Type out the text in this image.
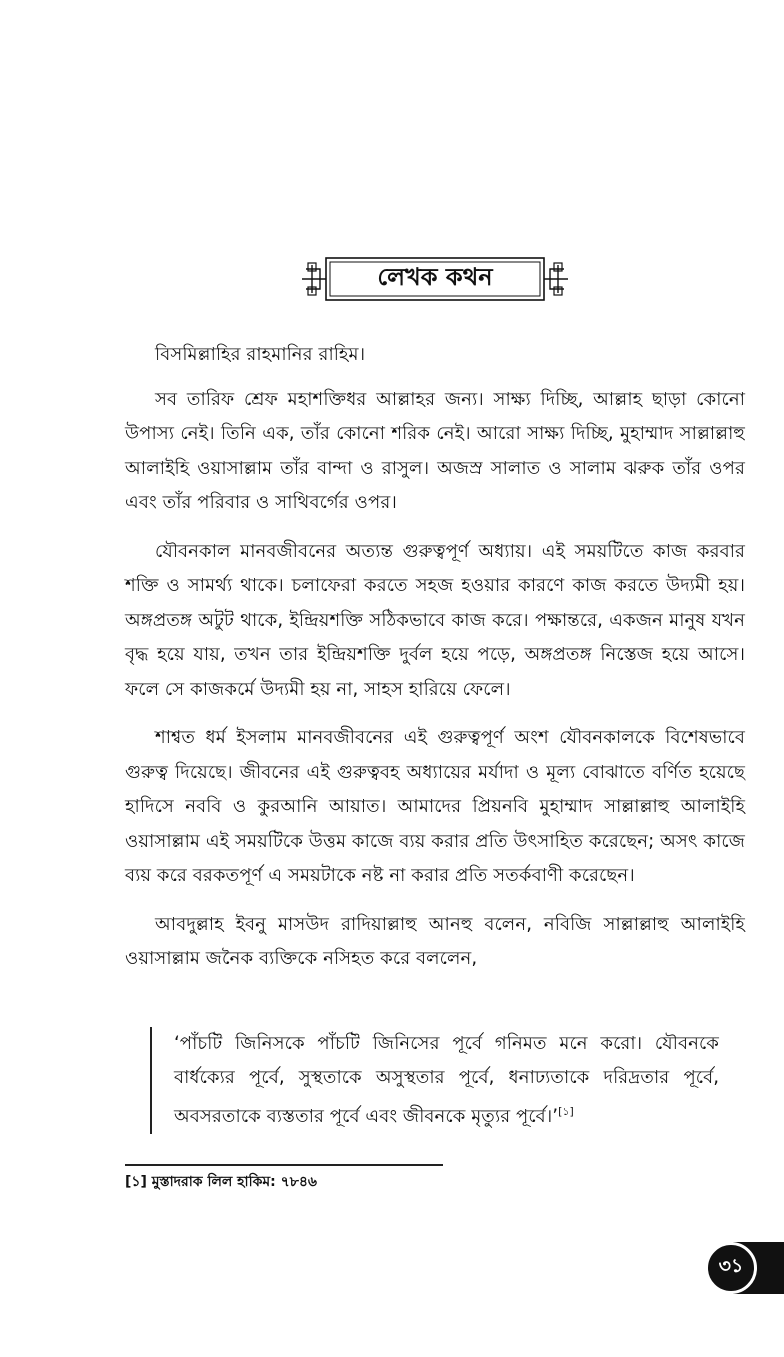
লেখক কথন

বিসমিল্লাহির রাহমানির রাহিম।

সব তারিফ শ্রেফ মহাশক্তিধর আল্লাহর জন্য। সাক্ষ্য দিচ্ছি, আল্লাহ ছাড়া কোনো উপাস্য নেই। তিনি এক, তাঁর কোনো শরিক নেই। আরো সাক্ষ্য দিচ্ছি, মুহাম্মাদ সাল্লাল্লাহু আলাইহি ওয়াসাল্লাম তাঁর বান্দা ও রাসুল। অজস্র সালাত ও সালাম ঝরুক তাঁর ওপর এবং তাঁর পরিবার ও সাথিবর্গের ওপর।

যৌবনকাল মানবজীবনের অত্যন্ত গুরুত্বপূর্ণ অধ্যায়। এই সময়টিতে কাজ করবার শক্তি ও সামর্থ্য থাকে। চলাফেরা করতে সহজ হওয়ার কারণে কাজ করতে উদ্যমী হয়। অঙ্গপ্রতঙ্গ অটুট থাকে, ইন্দ্রিয়শক্তি সঠিকভাবে কাজ করে। পক্ষান্তরে, একজন মানুষ যখন বৃদ্ধ হয়ে যায়, তখন তার ইন্দ্রিয়শক্তি দুর্বল হয়ে পড়ে, অঙ্গপ্রতঙ্গ নিস্তেজ হয়ে আসে। ফলে সে কাজকর্মে উদ্যমী হয় না, সাহস হারিয়ে ফেলে।

শাশ্বত ধর্ম ইসলাম মানবজীবনের এই গুরুত্বপূর্ণ অংশ যৌবনকালকে বিশেষভাবে গুরুত্ব দিয়েছে। জীবনের এই গুরুত্ববহ অধ্যায়ের মর্যাদা ও মূল্য বোঝাতে বর্ণিত হয়েছে হাদিসে নববি ও কুরআনি আয়াত। আমাদের প্রিয়নবি মুহাম্মাদ সাল্লাল্লাহু আলাইহি ওয়াসাল্লাম এই সময়টিকে উত্তম কাজে ব্যয় করার প্রতি উৎসাহিত করেছেন; অসৎ কাজে ব্যয় করে বরকতপূর্ণ এ সময়টাকে নষ্ট না করার প্রতি সতর্কবাণী করেছেন।

আবদুল্লাহ ইবনু মাসউদ রাদিয়াল্লাহু আনহু বলেন, নবিজি সাল্লাল্লাহু আলাইহি ওয়াসাল্লাম জনৈক ব্যক্তিকে নসিহত করে বললেন,

‘পাঁচটি জিনিসকে পাঁচটি জিনিসের পূর্বে গনিমত মনে করো। যৌবনকে বার্ধক্যের পূর্বে, সুস্থতাকে অসুস্থতার পূর্বে, ধনাঢ্যতাকে দরিদ্রতার পূর্বে, অবসরতাকে ব্যস্ততার পূর্বে এবং জীবনকে মৃত্যুর পূর্বে।’[১]
[১] মুস্তাদরাক লিল হাকিম: ৭৮৪৬
৩১
